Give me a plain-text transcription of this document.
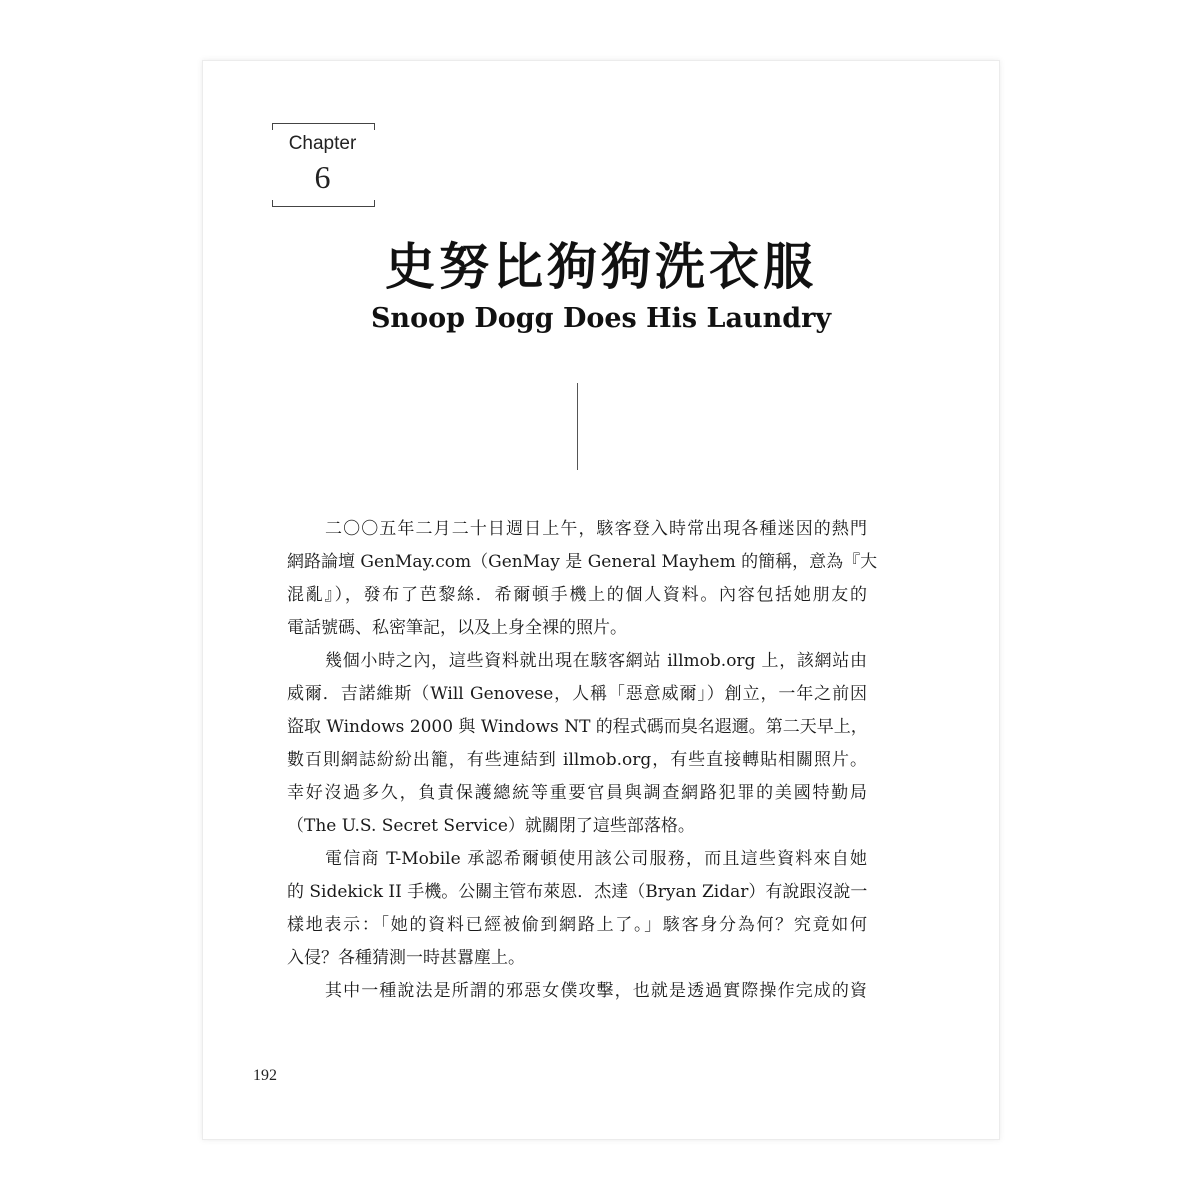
Chapter
6
史努比狗狗洗衣服
Snoop Dogg Does His Laundry
二〇〇五年二月二十日週日上午，駭客登入時常出現各種迷因的熱門
網路論壇 GenMay.com（GenMay 是 General Mayhem 的簡稱，意為『大
混亂』），發布了芭黎絲．希爾頓手機上的個人資料。內容包括她朋友的
電話號碼、私密筆記，以及上身全裸的照片。
幾個小時之內，這些資料就出現在駭客網站 illmob.org 上，該網站由
威爾．吉諾維斯（Will Genovese，人稱「惡意威爾」）創立，一年之前因
盜取 Windows 2000 與 Windows NT 的程式碼而臭名遐邇。第二天早上，
數百則網誌紛紛出籠，有些連結到 illmob.org，有些直接轉貼相關照片。
幸好沒過多久，負責保護總統等重要官員與調查網路犯罪的美國特勤局
（The U.S. Secret Service）就關閉了這些部落格。
電信商 T-Mobile 承認希爾頓使用該公司服務，而且這些資料來自她
的 Sidekick II 手機。公關主管布萊恩．杰達（Bryan Zidar）有說跟沒說一
樣地表示：「她的資料已經被偷到網路上了。」駭客身分為何？究竟如何
入侵？各種猜測一時甚囂塵上。
其中一種說法是所謂的邪惡女僕攻擊，也就是透過實際操作完成的資
192
